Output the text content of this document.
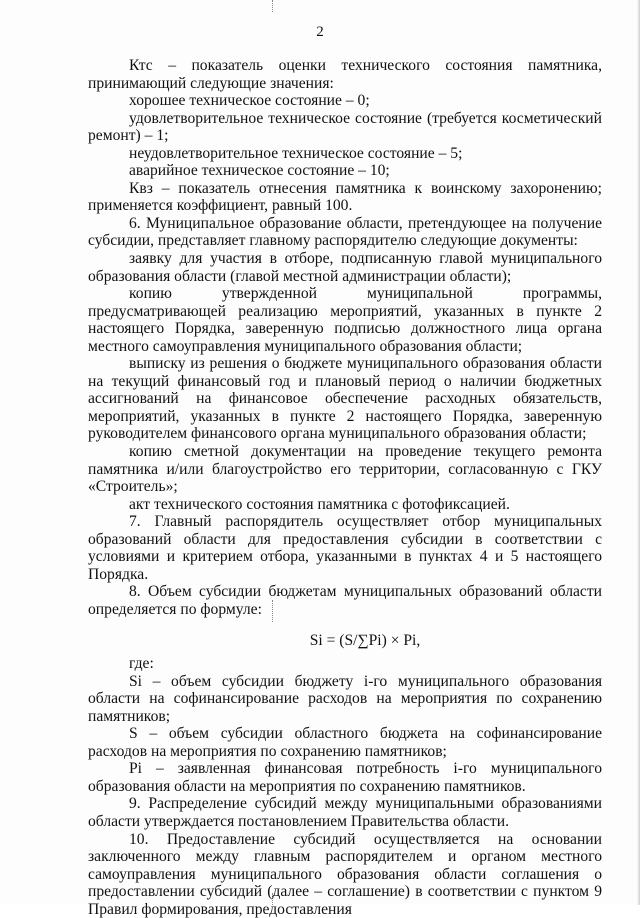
2

Ктс – показатель оценки технического состояния памятника, принимающий следующие значения:

хорошее техническое состояние – 0;

удовлетворительное техническое состояние (требуется косметический ремонт) – 1;

неудовлетворительное техническое состояние – 5;

аварийное техническое состояние – 10;

Квз – показатель отнесения памятника к воинскому захоронению; применяется коэффициент, равный 100.

6. Муниципальное образование области, претендующее на получение субсидии, представляет главному распорядителю следующие документы:

заявку для участия в отборе, подписанную главой муниципального образования области (главой местной администрации области);

копию утвержденной муниципальной программы, предусматривающей реализацию мероприятий, указанных в пункте 2 настоящего Порядка, заверенную подписью должностного лица органа местного самоуправления муниципального образования области;

выписку из решения о бюджете муниципального образования области на текущий финансовый год и плановый период о наличии бюджетных ассигнований на финансовое обеспечение расходных обязательств, мероприятий, указанных в пункте 2 настоящего Порядка, заверенную руководителем финансового органа муниципального образования области;

копию сметной документации на проведение текущего ремонта памятника и/или благоустройство его территории, согласованную с ГКУ «Строитель»;

акт технического состояния памятника с фотофиксацией.

7. Главный распорядитель осуществляет отбор муниципальных образований области для предоставления субсидии в соответствии с условиями и критерием отбора, указанными в пунктах 4 и 5 настоящего Порядка.

8. Объем субсидии бюджетам муниципальных образований области определяется по формуле:

Si = (S/∑Pi) × Pi,

где:

Si – объем субсидии бюджету i-го муниципального образования области на софинансирование расходов на мероприятия по сохранению памятников;

S – объем субсидии областного бюджета на софинансирование расходов на мероприятия по сохранению памятников;

Pi – заявленная финансовая потребность i-го муниципального образования области на мероприятия по сохранению памятников.

9. Распределение субсидий между муниципальными образованиями области утверждается постановлением Правительства области.

10. Предоставление субсидий осуществляется на основании заключенного между главным распорядителем и органом местного самоуправления муниципального образования области соглашения о предоставлении субсидий (далее – соглашение) в соответствии с пунктом 9 Правил формирования, предоставления
